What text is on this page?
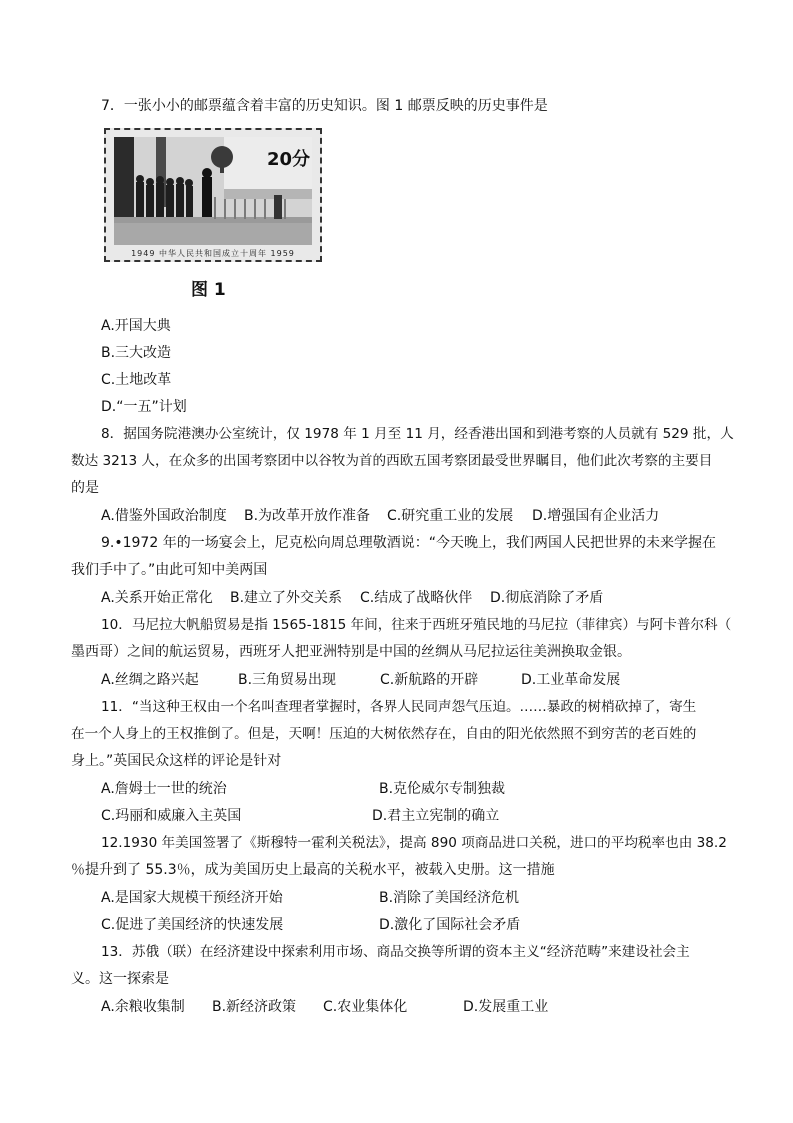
7．一张小小的邮票蕴含着丰富的历史知识。图 1 邮票反映的历史事件是
20分
1949 中华人民共和国成立十周年 1959
图 1
A.开国大典
B.三大改造
C.土地改革
D.“一五”计划
8．据国务院港澳办公室统计，仅 1978 年 1 月至 11 月，经香港出国和到港考察的人员就有 529 批，人
数达 3213 人，在众多的出国考察团中以谷牧为首的西欧五国考察团最受世界瞩目，他们此次考察的主要目
的是
A.借鉴外国政治制度 B.为改革开放作准备 C.研究重工业的发展 D.增强国有企业活力
9.•1972 年的一场宴会上，尼克松向周总理敬酒说：“今天晚上，我们两国人民把世界的未来学握在
我们手中了。”由此可知中美两国
A.关系开始正常化 B.建立了外交关系 C.结成了战略伙伴 D.彻底消除了矛盾
10．马尼拉大帆船贸易是指 1565-1815 年间，往来于西班牙殖民地的马尼拉（菲律宾）与阿卡普尔科（
墨西哥）之间的航运贸易，西班牙人把亚洲特别是中国的丝绸从马尼拉运往美洲换取金银。
A.丝绸之路兴起	B.三角贸易出现	C.新航路的开辟	D.工业革命发展
11．“当这种王权由一个名叫查理者掌握时，各界人民同声怨气压迫。……暴政的树梢砍掉了，寄生
在一个人身上的王权推倒了。但是，天啊！压迫的大树依然存在，自由的阳光依然照不到穷苦的老百姓的
身上。”英国民众这样的评论是针对
A.詹姆士一世的统治	B.克伦威尔专制独裁
C.玛丽和威廉入主英国	D.君主立宪制的确立
12.1930 年美国签署了《斯穆特一霍利关税法》，提高 890 项商品进口关税，进口的平均税率也由 38.2
％提升到了 55.3％，成为美国历史上最高的关税水平，被载入史册。这一措施
A.是国家大规模干预经济开始	B.消除了美国经济危机
C.促进了美国经济的快速发展	D.激化了国际社会矛盾
13．苏俄（联）在经济建设中探索利用市场、商品交换等所谓的资本主义“经济范畴”来建设社会主
义。这一探索是
A.余粮收集制 B.新经济政策 C.农业集体化	D.发展重工业
